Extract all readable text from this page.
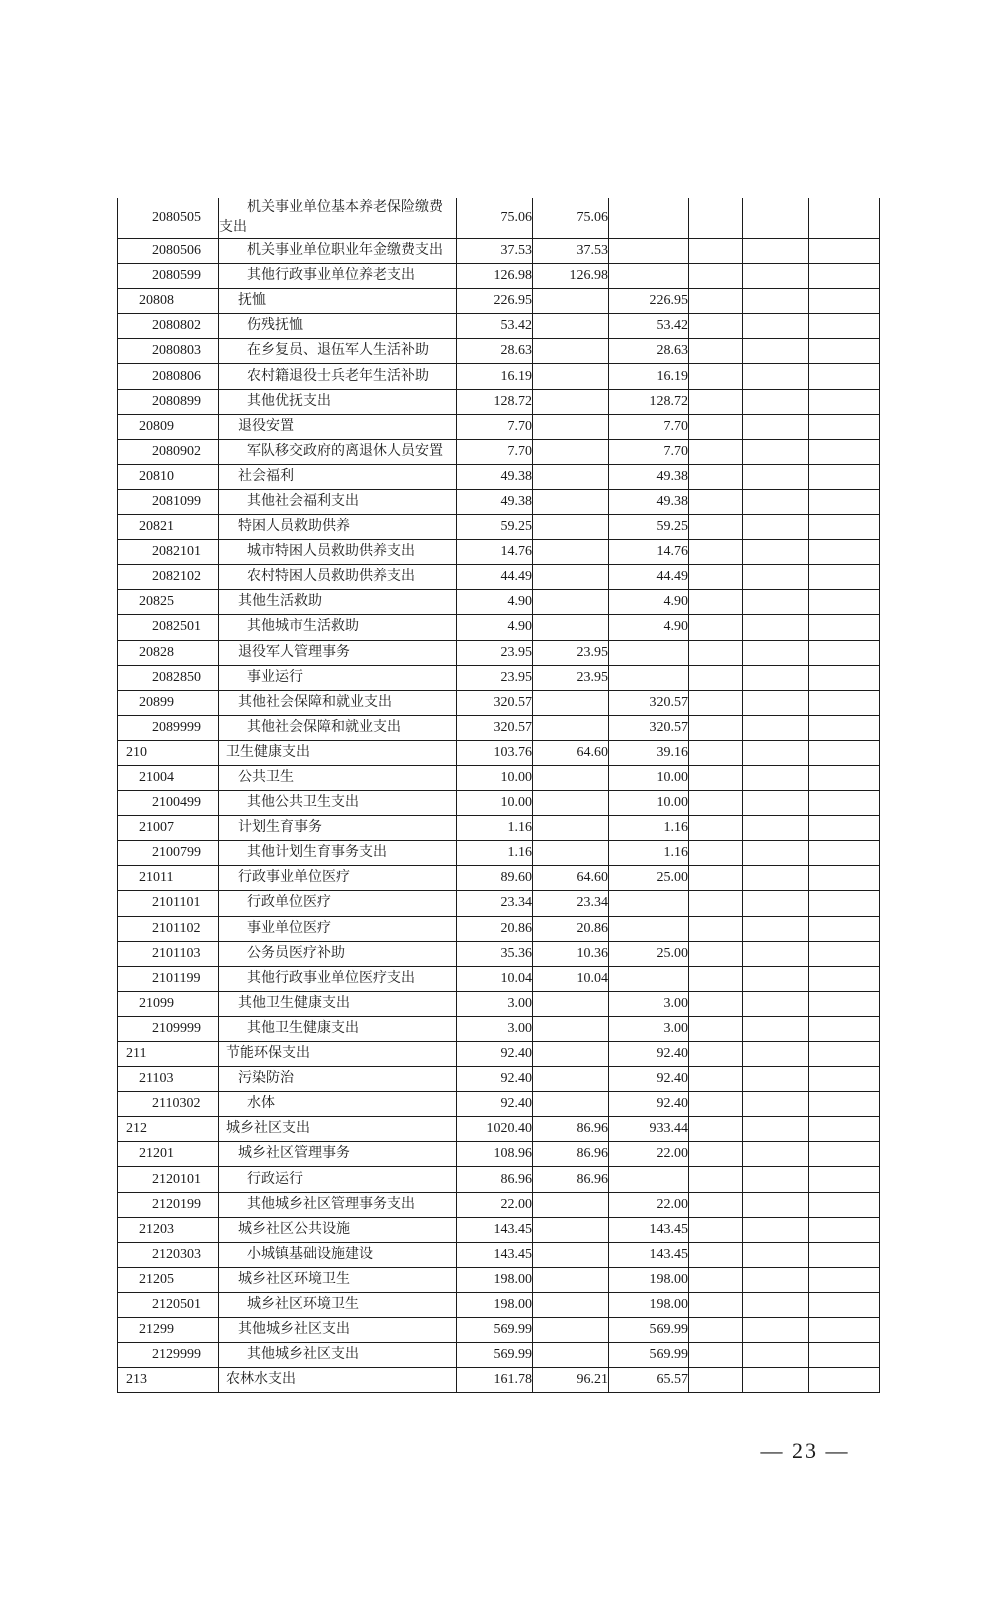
2080505	机关事业单位基本养老保险缴费支出	75.06	75.06				
2080506	机关事业单位职业年金缴费支出	37.53	37.53				
2080599	其他行政事业单位养老支出	126.98	126.98				
20808	抚恤	226.95		226.95			
2080802	伤残抚恤	53.42		53.42			
2080803	在乡复员、退伍军人生活补助	28.63		28.63			
2080806	农村籍退役士兵老年生活补助	16.19		16.19			
2080899	其他优抚支出	128.72		128.72			
20809	退役安置	7.70		7.70			
2080902	军队移交政府的离退休人员安置	7.70		7.70			
20810	社会福利	49.38		49.38			
2081099	其他社会福利支出	49.38		49.38			
20821	特困人员救助供养	59.25		59.25			
2082101	城市特困人员救助供养支出	14.76		14.76			
2082102	农村特困人员救助供养支出	44.49		44.49			
20825	其他生活救助	4.90		4.90			
2082501	其他城市生活救助	4.90		4.90			
20828	退役军人管理事务	23.95	23.95				
2082850	事业运行	23.95	23.95				
20899	其他社会保障和就业支出	320.57		320.57			
2089999	其他社会保障和就业支出	320.57		320.57			
210	卫生健康支出	103.76	64.60	39.16			
21004	公共卫生	10.00		10.00			
2100499	其他公共卫生支出	10.00		10.00			
21007	计划生育事务	1.16		1.16			
2100799	其他计划生育事务支出	1.16		1.16			
21011	行政事业单位医疗	89.60	64.60	25.00			
2101101	行政单位医疗	23.34	23.34				
2101102	事业单位医疗	20.86	20.86				
2101103	公务员医疗补助	35.36	10.36	25.00			
2101199	其他行政事业单位医疗支出	10.04	10.04				
21099	其他卫生健康支出	3.00		3.00			
2109999	其他卫生健康支出	3.00		3.00			
211	节能环保支出	92.40		92.40			
21103	污染防治	92.40		92.40			
2110302	水体	92.40		92.40			
212	城乡社区支出	1020.40	86.96	933.44			
21201	城乡社区管理事务	108.96	86.96	22.00			
2120101	行政运行	86.96	86.96				
2120199	其他城乡社区管理事务支出	22.00		22.00			
21203	城乡社区公共设施	143.45		143.45			
2120303	小城镇基础设施建设	143.45		143.45			
21205	城乡社区环境卫生	198.00		198.00			
2120501	城乡社区环境卫生	198.00		198.00			
21299	其他城乡社区支出	569.99		569.99			
2129999	其他城乡社区支出	569.99		569.99			
213	农林水支出	161.78	96.21	65.57			
— 23 —
